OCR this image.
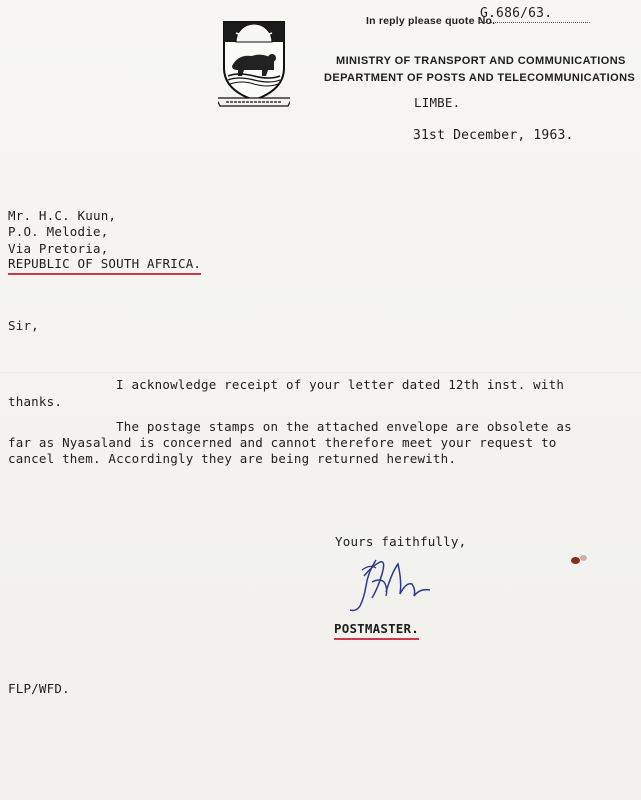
In reply please quote No.
G.686/63.
MINISTRY OF TRANSPORT AND COMMUNICATIONS
DEPARTMENT OF POSTS AND TELECOMMUNICATIONS
LIMBE.
31st December, 1963.
Mr. H.C. Kuun,
P.O. Melodie,
Via Pretoria,
REPUBLIC OF SOUTH AFRICA.
Sir,
I acknowledge receipt of your letter dated 12th inst. with
thanks.
The postage stamps on the attached envelope are obsolete as
far as Nyasaland is concerned and cannot therefore meet your request to
cancel them. Accordingly they are being returned herewith.
Yours faithfully,
POSTMASTER.
FLP/WFD.
